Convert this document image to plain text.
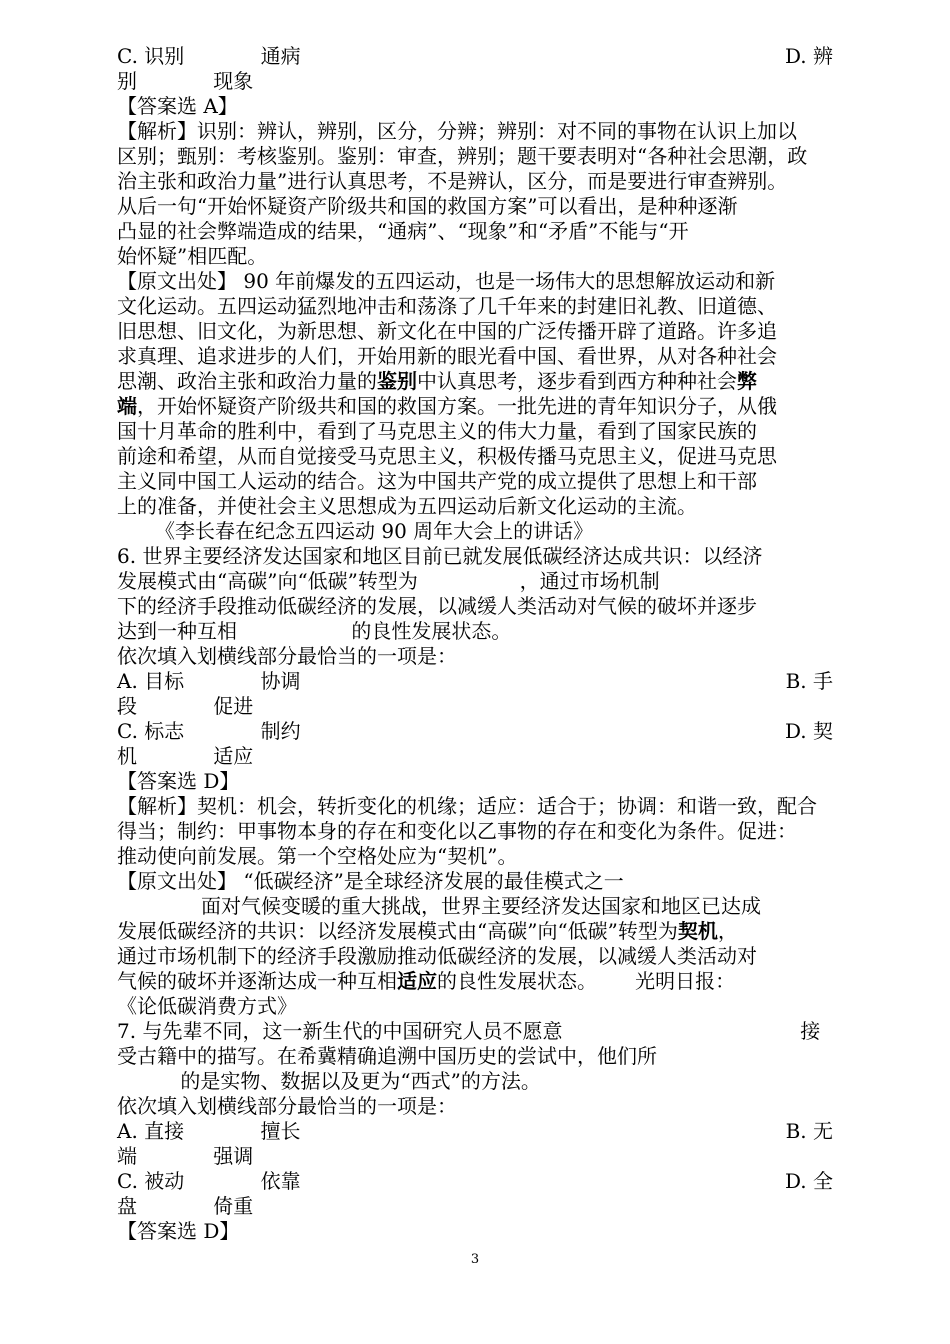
C. 识别            通病	D. 辨
别            现象
【答案选 A】
【解析】识别：辨认，辨别，区分，分辨；辨别：对不同的事物在认识上加以
区别；甄别：考核鉴别。鉴别：审查，辨别；题干要表明对“各种社会思潮，政
治主张和政治力量”进行认真思考，不是辨认，区分，而是要进行审查辨别。
从后一句“开始怀疑资产阶级共和国的救国方案”可以看出，是种种逐渐
凸显的社会弊端造成的结果，“通病”、“现象”和“矛盾”不能与“开
始怀疑”相匹配。
【原文出处】 90 年前爆发的五四运动，也是一场伟大的思想解放运动和新
文化运动。五四运动猛烈地冲击和荡涤了几千年来的封建旧礼教、旧道德、
旧思想、旧文化，为新思想、新文化在中国的广泛传播开辟了道路。许多追
求真理、追求进步的人们，开始用新的眼光看中国、看世界，从对各种社会
思潮、政治主张和政治力量的鉴别中认真思考，逐步看到西方种种社会弊
端，开始怀疑资产阶级共和国的救国方案。一批先进的青年知识分子，从俄
国十月革命的胜利中，看到了马克思主义的伟大力量，看到了国家民族的
前途和希望，从而自觉接受马克思主义，积极传播马克思主义，促进马克思
主义同中国工人运动的结合。这为中国共产党的成立提供了思想上和干部
上的准备，并使社会主义思想成为五四运动后新文化运动的主流。
《李长春在纪念五四运动 90 周年大会上的讲话》
6. 世界主要经济发达国家和地区目前已就发展低碳经济达成共识：以经济
发展模式由“高碳”向“低碳”转型为                ，通过市场机制
下的经济手段推动低碳经济的发展，以减缓人类活动对气候的破坏并逐步
达到一种互相                  的良性发展状态。
依次填入划横线部分最恰当的一项是：
A. 目标            协调	B. 手
段            促进
C. 标志            制约	D. 契
机            适应
【答案选 D】
【解析】契机：机会，转折变化的机缘；适应：适合于；协调：和谐一致，配合
得当；制约：甲事物本身的存在和变化以乙事物的存在和变化为条件。促进：
推动使向前发展。第一个空格处应为“契机”。
【原文出处】 “低碳经济”是全球经济发展的最佳模式之一
面对气候变暖的重大挑战，世界主要经济发达国家和地区已达成
发展低碳经济的共识：以经济发展模式由“高碳”向“低碳”转型为契机，
通过市场机制下的经济手段激励推动低碳经济的发展，以减缓人类活动对
气候的破坏并逐渐达成一种互相适应的良性发展状态。      光明日报：
《论低碳消费方式》
7. 与先辈不同，这一新生代的中国研究人员不愿意	接
受古籍中的描写。在希冀精确追溯中国历史的尝试中，他们所
的是实物、数据以及更为“西式”的方法。
依次填入划横线部分最恰当的一项是：
A. 直接            擅长	B. 无
端            强调
C. 被动            依靠	D. 全
盘            倚重
【答案选 D】
3
